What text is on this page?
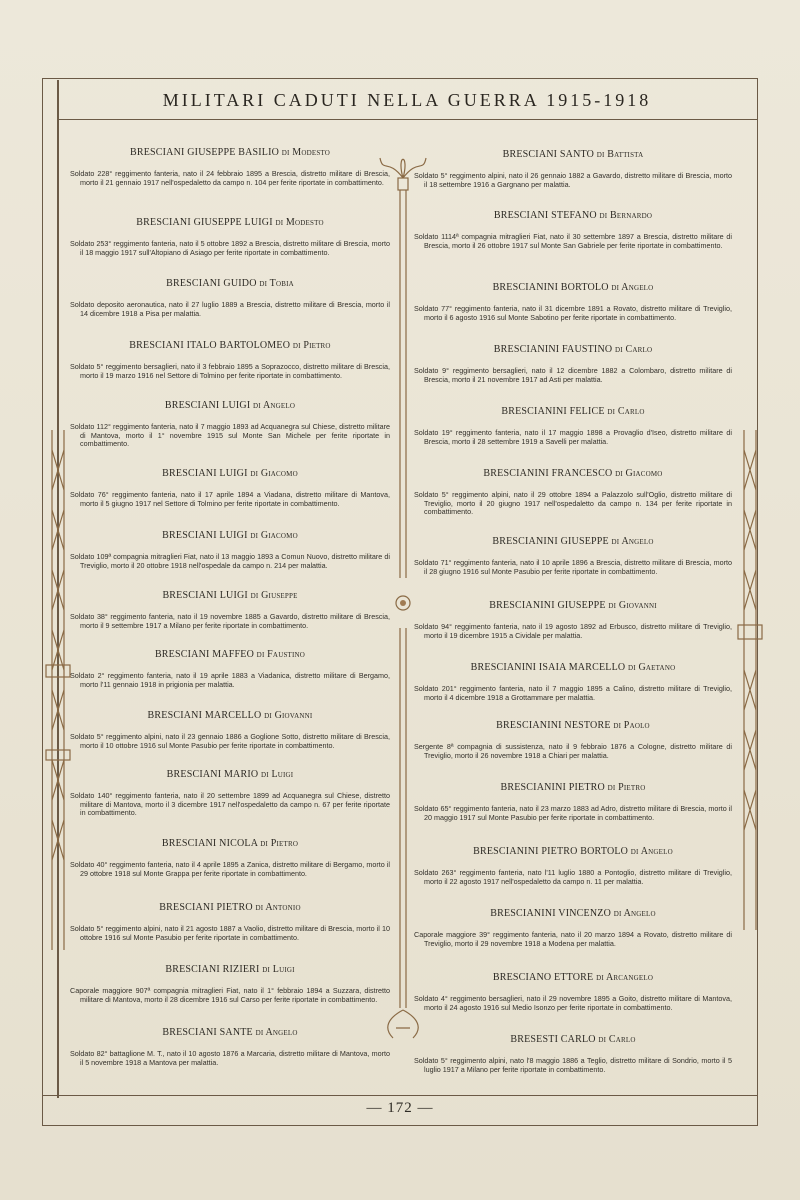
MILITARI CADUTI NELLA GUERRA 1915-1918
BRESCIANI GIUSEPPE BASILIO di Modesto
Soldato 228° reggimento fanteria, nato il 24 febbraio 1895 a Brescia, distretto militare di Brescia, morto il 21 gennaio 1917 nell'ospedaletto da campo n. 104 per ferite riportate in combattimento.
BRESCIANI GIUSEPPE LUIGI di Modesto
Soldato 253° reggimento fanteria, nato il 5 ottobre 1892 a Brescia, distretto militare di Brescia, morto il 18 maggio 1917 sull'Altopiano di Asiago per ferite riportate in combattimento.
BRESCIANI GUIDO di Tobia
Soldato deposito aeronautica, nato il 27 luglio 1889 a Brescia, distretto militare di Brescia, morto il 14 dicembre 1918 a Pisa per malattia.
BRESCIANI ITALO BARTOLOMEO di Pietro
Soldato 5° reggimento bersaglieri, nato il 3 febbraio 1895 a Soprazocco, distretto militare di Brescia, morto il 19 marzo 1916 nel Settore di Tolmino per ferite riportate in combattimento.
BRESCIANI LUIGI di Angelo
Soldato 112° reggimento fanteria, nato il 7 maggio 1893 ad Acquanegra sul Chiese, distretto militare di Mantova, morto il 1° novembre 1915 sul Monte San Michele per ferite riportate in combattimento.
BRESCIANI LUIGI di Giacomo
Soldato 76° reggimento fanteria, nato il 17 aprile 1894 a Viadana, distretto militare di Mantova, morto il 5 giugno 1917 nel Settore di Tolmino per ferite riportate in combattimento.
BRESCIANI LUIGI di Giacomo
Soldato 109ª compagnia mitraglieri Fiat, nato il 13 maggio 1893 a Comun Nuovo, distretto militare di Treviglio, morto il 20 ottobre 1918 nell'ospedale da campo n. 214 per malattia.
BRESCIANI LUIGI di Giuseppe
Soldato 38° reggimento fanteria, nato il 19 novembre 1885 a Gavardo, distretto militare di Brescia, morto il 9 settembre 1917 a Milano per ferite riportate in combattimento.
BRESCIANI MAFFEO di Faustino
Soldato 2° reggimento fanteria, nato il 19 aprile 1883 a Viadanica, distretto militare di Bergamo, morto l'11 gennaio 1918 in prigionia per malattia.
BRESCIANI MARCELLO di Giovanni
Soldato 5° reggimento alpini, nato il 23 gennaio 1886 a Goglione Sotto, distretto militare di Brescia, morto il 10 ottobre 1916 sul Monte Pasubio per ferite riportate in combattimento.
BRESCIANI MARIO di Luigi
Soldato 140° reggimento fanteria, nato il 20 settembre 1899 ad Acquanegra sul Chiese, distretto militare di Mantova, morto il 3 dicembre 1917 nell'ospedaletto da campo n. 67 per ferite riportate in combattimento.
BRESCIANI NICOLA di Pietro
Soldato 40° reggimento fanteria, nato il 4 aprile 1895 a Zanica, distretto militare di Bergamo, morto il 29 ottobre 1918 sul Monte Grappa per ferite riportate in combattimento.
BRESCIANI PIETRO di Antonio
Soldato 5° reggimento alpini, nato il 21 agosto 1887 a Vaolio, distretto militare di Brescia, morto il 10 ottobre 1916 sul Monte Pasubio per ferite riportate in combattimento.
BRESCIANI RIZIERI di Luigi
Caporale maggiore 907ª compagnia mitraglieri Fiat, nato il 1° febbraio 1894 a Suzzara, distretto militare di Mantova, morto il 28 dicembre 1916 sul Carso per ferite riportate in combattimento.
BRESCIANI SANTE di Angelo
Soldato 82° battaglione M. T., nato il 10 agosto 1876 a Marcaria, distretto militare di Mantova, morto il 5 novembre 1918 a Mantova per malattia.
BRESCIANI SANTO di Battista
Soldato 5° reggimento alpini, nato il 26 gennaio 1882 a Gavardo, distretto militare di Brescia, morto il 18 settembre 1916 a Gargnano per malattia.
BRESCIANI STEFANO di Bernardo
Soldato 1114ª compagnia mitraglieri Fiat, nato il 30 settembre 1897 a Brescia, distretto militare di Brescia, morto il 26 ottobre 1917 sul Monte San Gabriele per ferite riportate in combattimento.
BRESCIANINI BORTOLO di Angelo
Soldato 77° reggimento fanteria, nato il 31 dicembre 1891 a Rovato, distretto militare di Treviglio, morto il 6 agosto 1916 sul Monte Sabotino per ferite riportate in combattimento.
BRESCIANINI FAUSTINO di Carlo
Soldato 9° reggimento bersaglieri, nato il 12 dicembre 1882 a Colombaro, distretto militare di Brescia, morto il 21 novembre 1917 ad Asti per malattia.
BRESCIANINI FELICE di Carlo
Soldato 19° reggimento fanteria, nato il 17 maggio 1898 a Provaglio d'Iseo, distretto militare di Brescia, morto il 28 settembre 1919 a Savelli per malattia.
BRESCIANINI FRANCESCO di Giacomo
Soldato 5° reggimento alpini, nato il 29 ottobre 1894 a Palazzolo sull'Oglio, distretto militare di Treviglio, morto il 20 giugno 1917 nell'ospedaletto da campo n. 134 per ferite riportate in combattimento.
BRESCIANINI GIUSEPPE di Angelo
Soldato 71° reggimento fanteria, nato il 10 aprile 1896 a Brescia, distretto militare di Brescia, morto il 28 giugno 1916 sul Monte Pasubio per ferite riportate in combattimento.
BRESCIANINI GIUSEPPE di Giovanni
Soldato 94° reggimento fanteria, nato il 19 agosto 1892 ad Erbusco, distretto militare di Treviglio, morto il 19 dicembre 1915 a Cividale per malattia.
BRESCIANINI ISAIA MARCELLO di Gaetano
Soldato 201° reggimento fanteria, nato il 7 maggio 1895 a Calino, distretto militare di Treviglio, morto il 4 dicembre 1918 a Grottammare per malattia.
BRESCIANINI NESTORE di Paolo
Sergente 8ª compagnia di sussistenza, nato il 9 febbraio 1876 a Cologne, distretto militare di Treviglio, morto il 26 novembre 1918 a Chiari per malattia.
BRESCIANINI PIETRO di Pietro
Soldato 65° reggimento fanteria, nato il 23 marzo 1883 ad Adro, distretto militare di Brescia, morto il 20 maggio 1917 sul Monte Pasubio per ferite riportate in combattimento.
BRESCIANINI PIETRO BORTOLO di Angelo
Soldato 263° reggimento fanteria, nato l'11 luglio 1880 a Pontoglio, distretto militare di Treviglio, morto il 22 agosto 1917 nell'ospedaletto da campo n. 11 per malattia.
BRESCIANINI VINCENZO di Angelo
Caporale maggiore 39° reggimento fanteria, nato il 20 marzo 1894 a Rovato, distretto militare di Treviglio, morto il 29 novembre 1918 a Modena per malattia.
BRESCIANO ETTORE di Arcangelo
Soldato 4° reggimento bersaglieri, nato il 29 novembre 1895 a Goito, distretto militare di Mantova, morto il 24 agosto 1916 sul Medio Isonzo per ferite riportate in combattimento.
BRESESTI CARLO di Carlo
Soldato 5° reggimento alpini, nato l'8 maggio 1886 a Teglio, distretto militare di Sondrio, morto il 5 luglio 1917 a Milano per ferite riportate in combattimento.
— 172 —
